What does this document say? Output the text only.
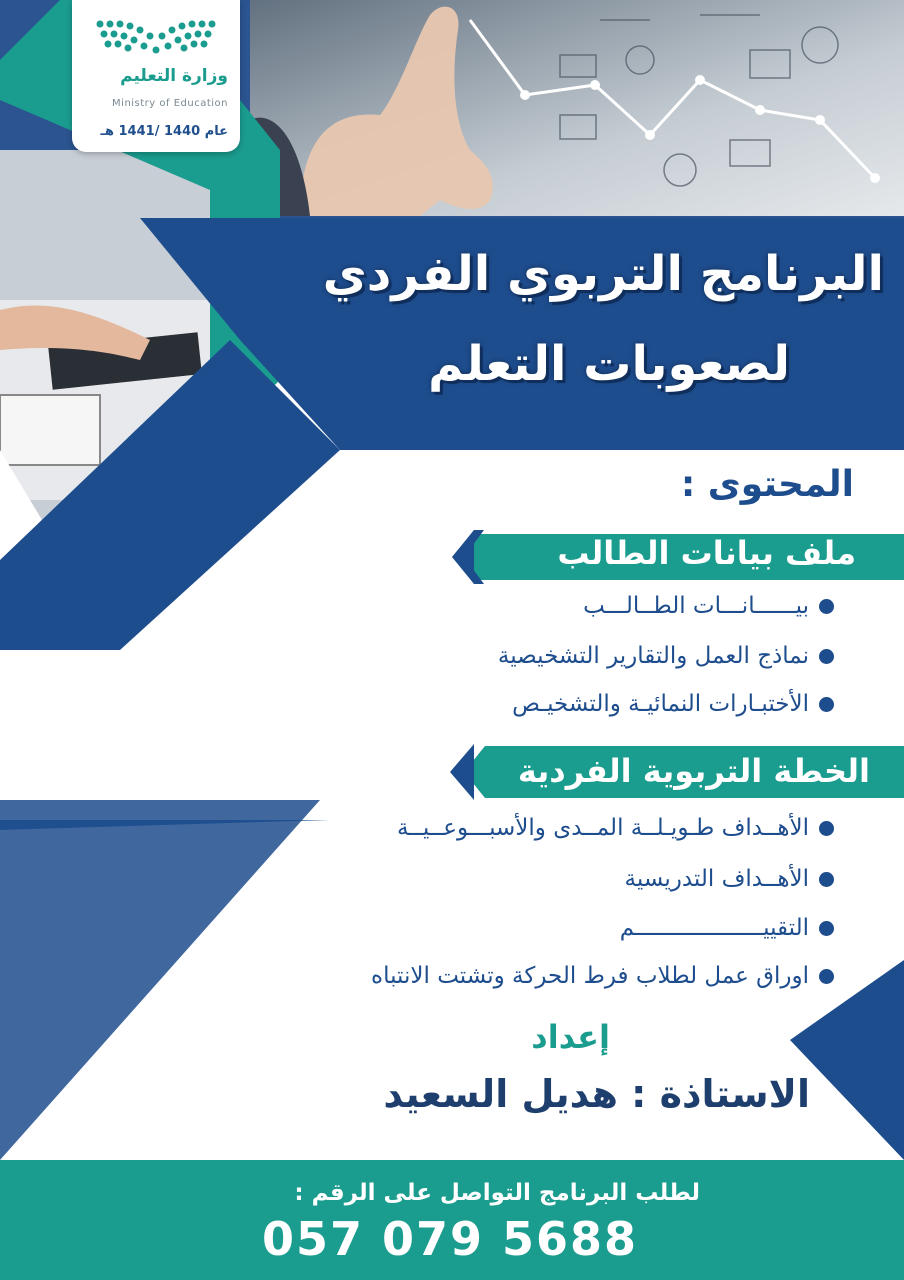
وزارة التعليم
Ministry of Education
عام 1440 /1441 هـ
البرنامج التربوي الفردي
لصعوبات التعلم
المحتوى :
ملف بيانات الطالب
بيــــــانـــات الطــالـــب
نماذج العمل والتقارير التشخيصية
الأختبـارات النمائيـة والتشخيـص
الخطة التربوية الفردية
الأهــداف طـويـلــة المــدى والأسبـــوعــيــة
الأهــداف التدريسية
التقييـــــــــــــــــــم
اوراق عمل لطلاب فرط الحركة وتشتت الانتباه
إعداد
الاستاذة : هديل السعيد
لطلب البرنامج التواصل على الرقم :
057 079 5688
